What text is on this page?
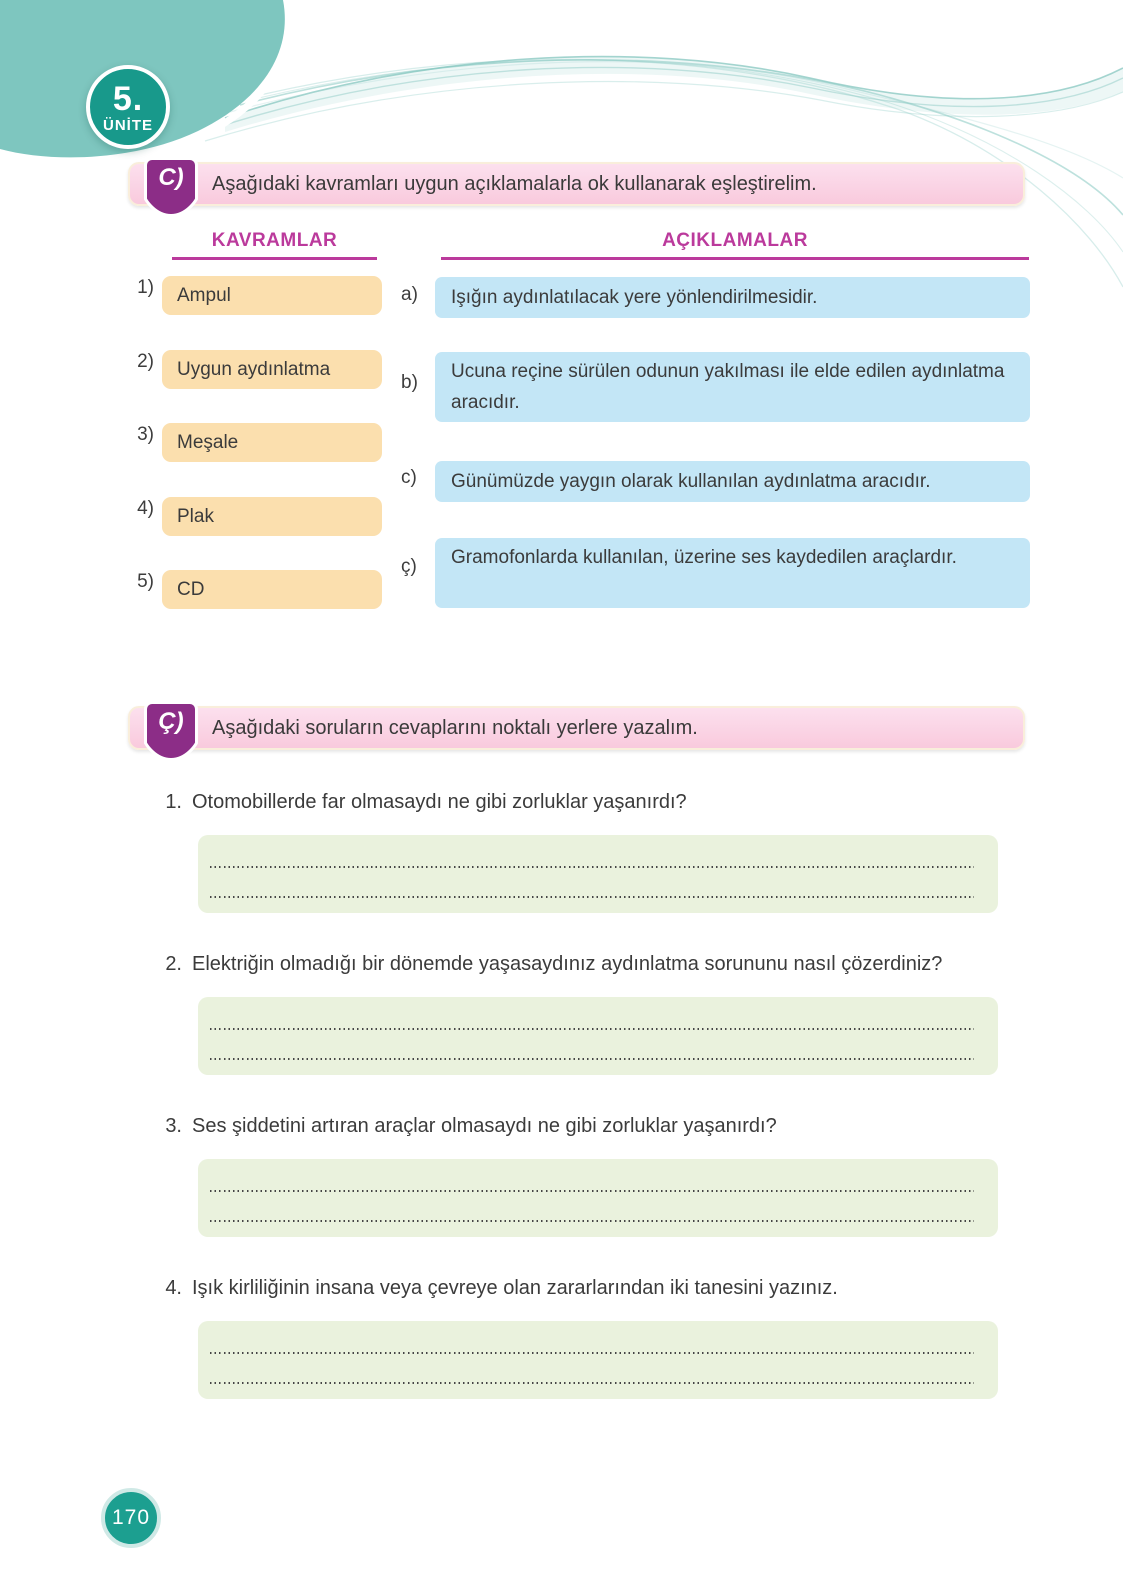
5.
ÜNİTE
C)	Aşağıdaki kavramları uygun açıklamalarla ok kullanarak eşleştirelim.
KAVRAMLAR	AÇIKLAMALAR
1)	Ampul
2)	Uygun aydınlatma
3)	Meşale
4)	Plak
5)	CD
a)	Işığın aydınlatılacak yere yönlendirilmesidir.
b)
Ucuna reçine sürülen odunun yakılması ile elde edilen aydınlatma aracıdır.
c)	Günümüzde yaygın olarak kullanılan aydınlatma aracıdır.
ç)	Gramofonlarda kullanılan, üzerine ses kaydedilen araçlardır.
Ç)	Aşağıdaki soruların cevaplarını noktalı yerlere yazalım.
1. Otomobillerde far olmasaydı ne gibi zorluklar yaşanırdı?
2. Elektriğin olmadığı bir dönemde yaşasaydınız aydınlatma sorununu nasıl çözerdiniz?
3. Ses şiddetini artıran araçlar olmasaydı ne gibi zorluklar yaşanırdı?
4. Işık kirliliğinin insana veya çevreye olan zararlarından iki tanesini yazınız.
170
